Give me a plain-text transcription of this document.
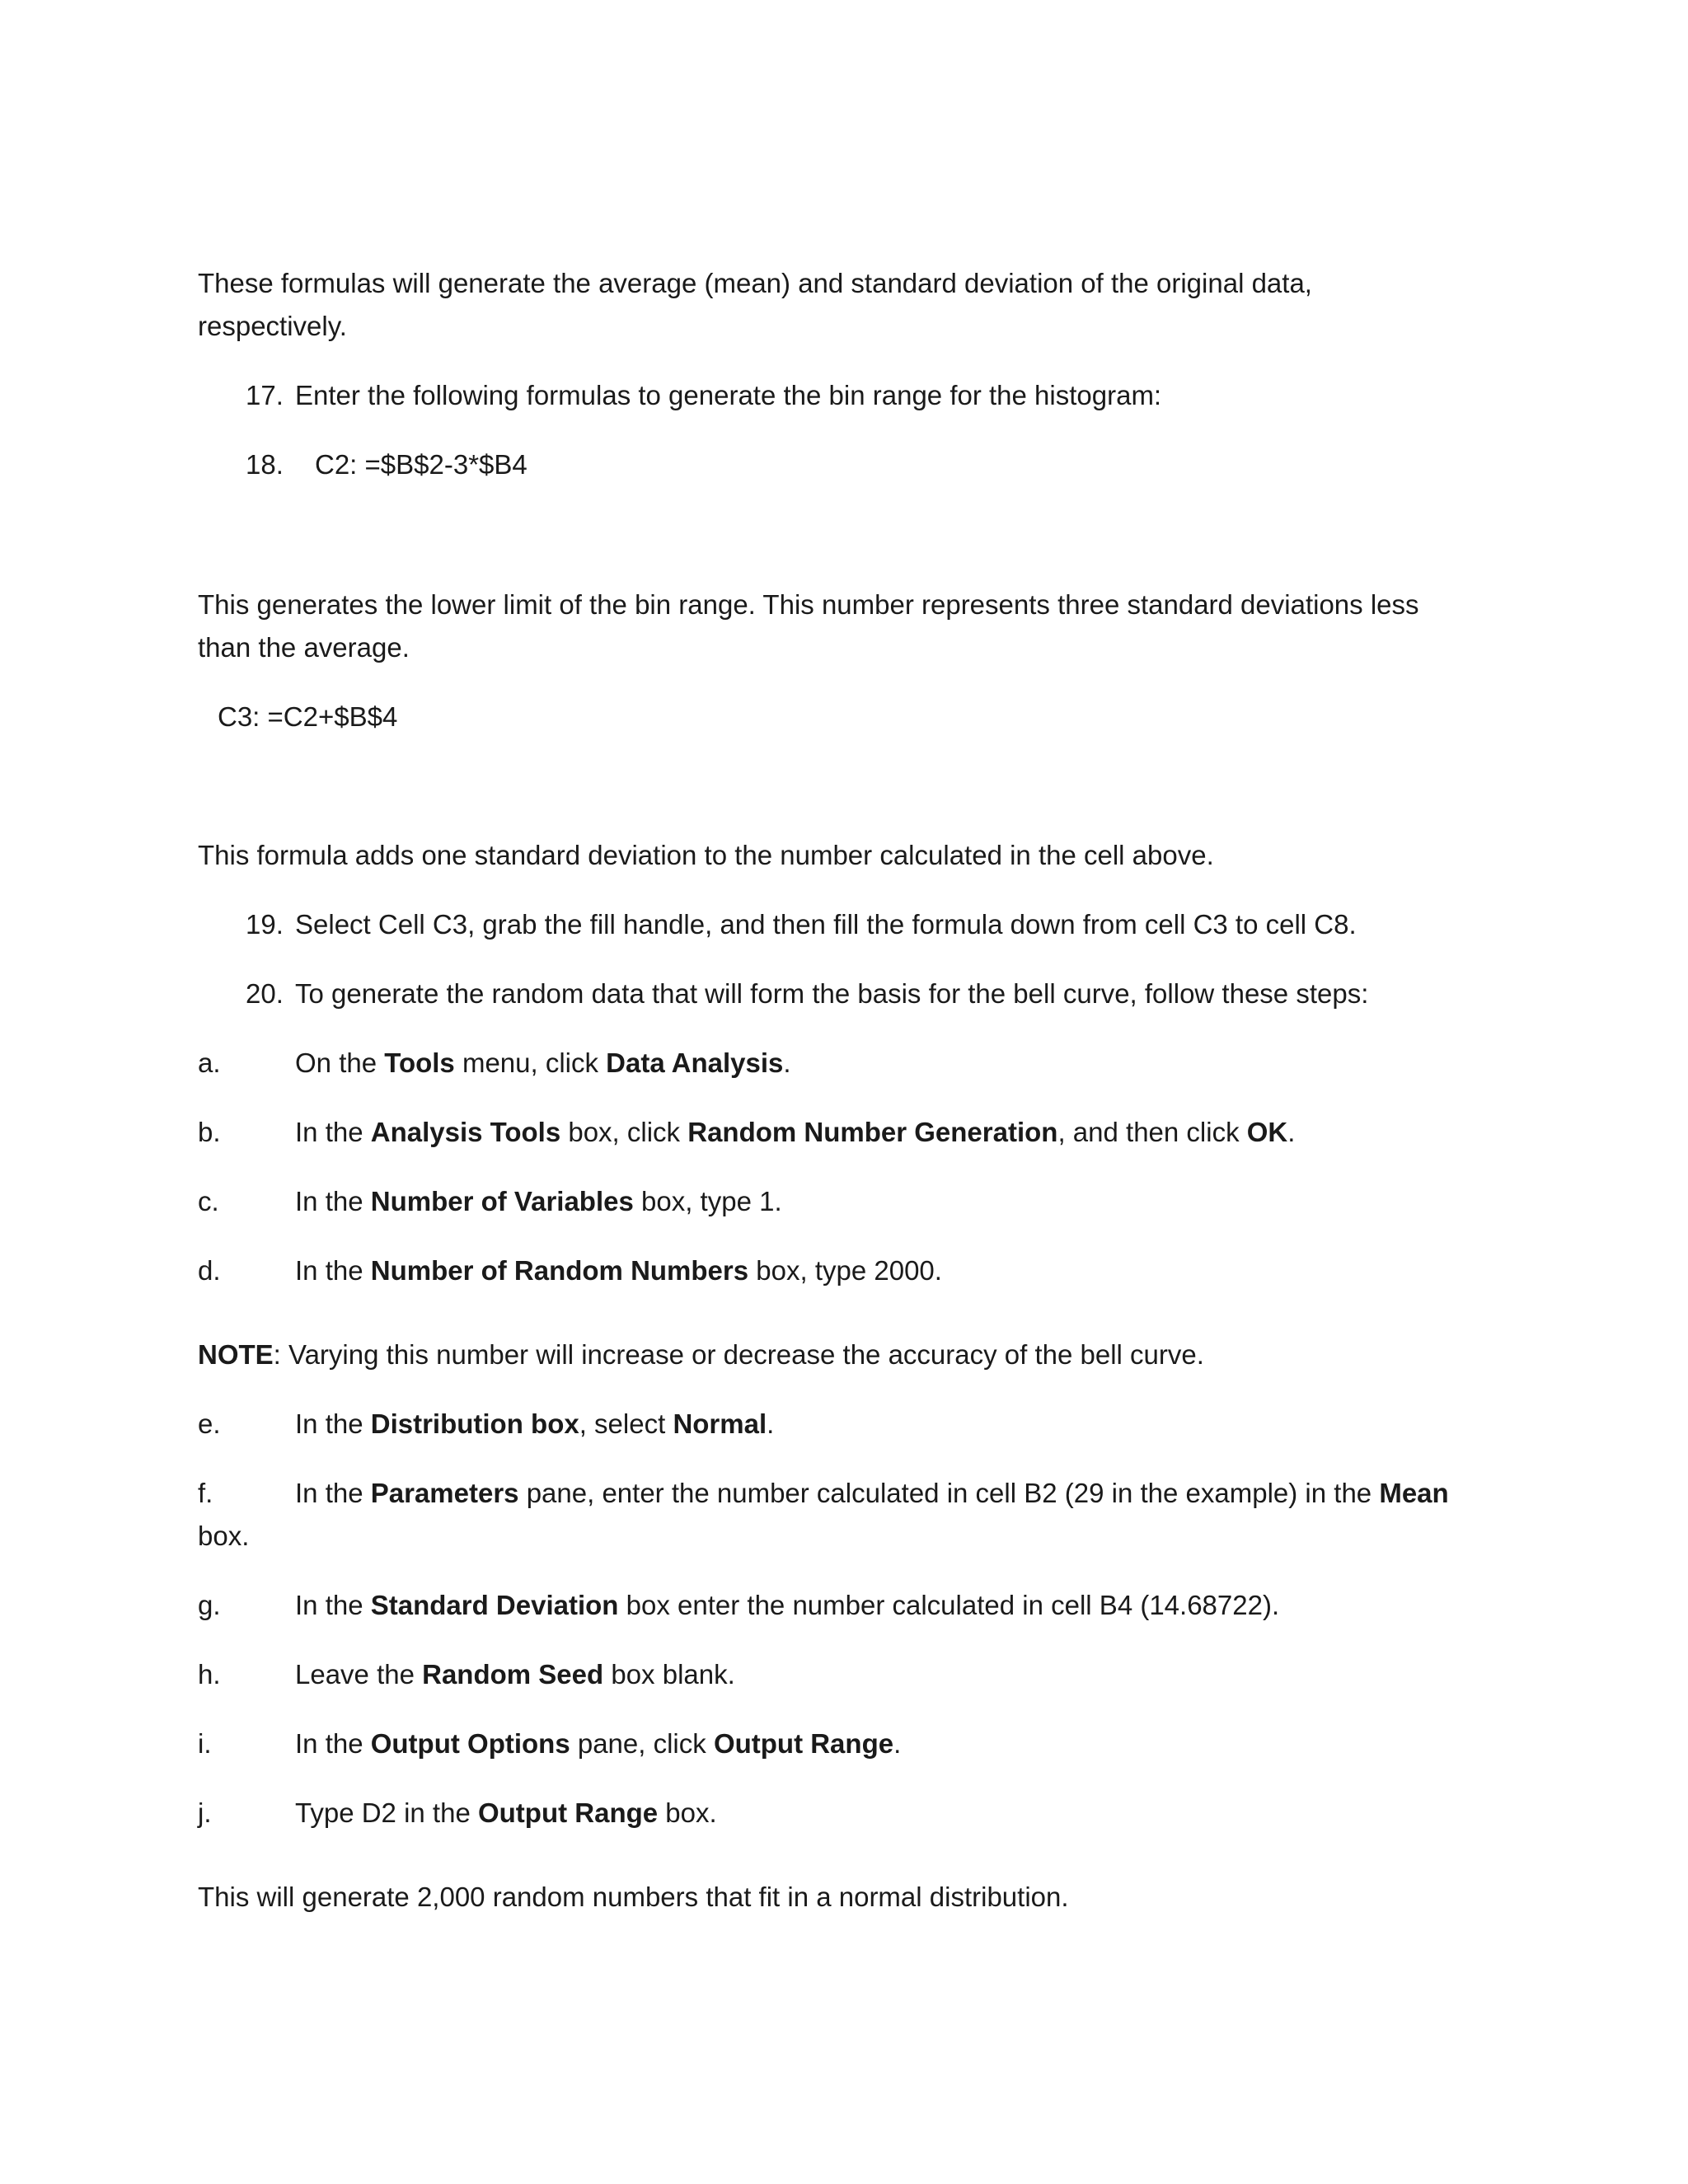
These formulas will generate the average (mean) and standard deviation of the original data,
respectively.
17. Enter the following formulas to generate the bin range for the histogram:
18. C2: =$B$2-3*$B4
This generates the lower limit of the bin range. This number represents three standard deviations less
than the average.
C3: =C2+$B$4
This formula adds one standard deviation to the number calculated in the cell above.
19. Select Cell C3, grab the fill handle, and then fill the formula down from cell C3 to cell C8.
20. To generate the random data that will form the basis for the bell curve, follow these steps:
a.	On the Tools menu, click Data Analysis.
b.	In the Analysis Tools box, click Random Number Generation, and then click OK.
c.	In the Number of Variables box, type 1.
d.	In the Number of Random Numbers box, type 2000.
NOTE: Varying this number will increase or decrease the accuracy of the bell curve.
e.	In the Distribution box, select Normal.
f.	In the Parameters pane, enter the number calculated in cell B2 (29 in the example) in the Mean
box.
g.	In the Standard Deviation box enter the number calculated in cell B4 (14.68722).
h.	Leave the Random Seed box blank.
i.	In the Output Options pane, click Output Range.
j.	Type D2 in the Output Range box.
This will generate 2,000 random numbers that fit in a normal distribution.
